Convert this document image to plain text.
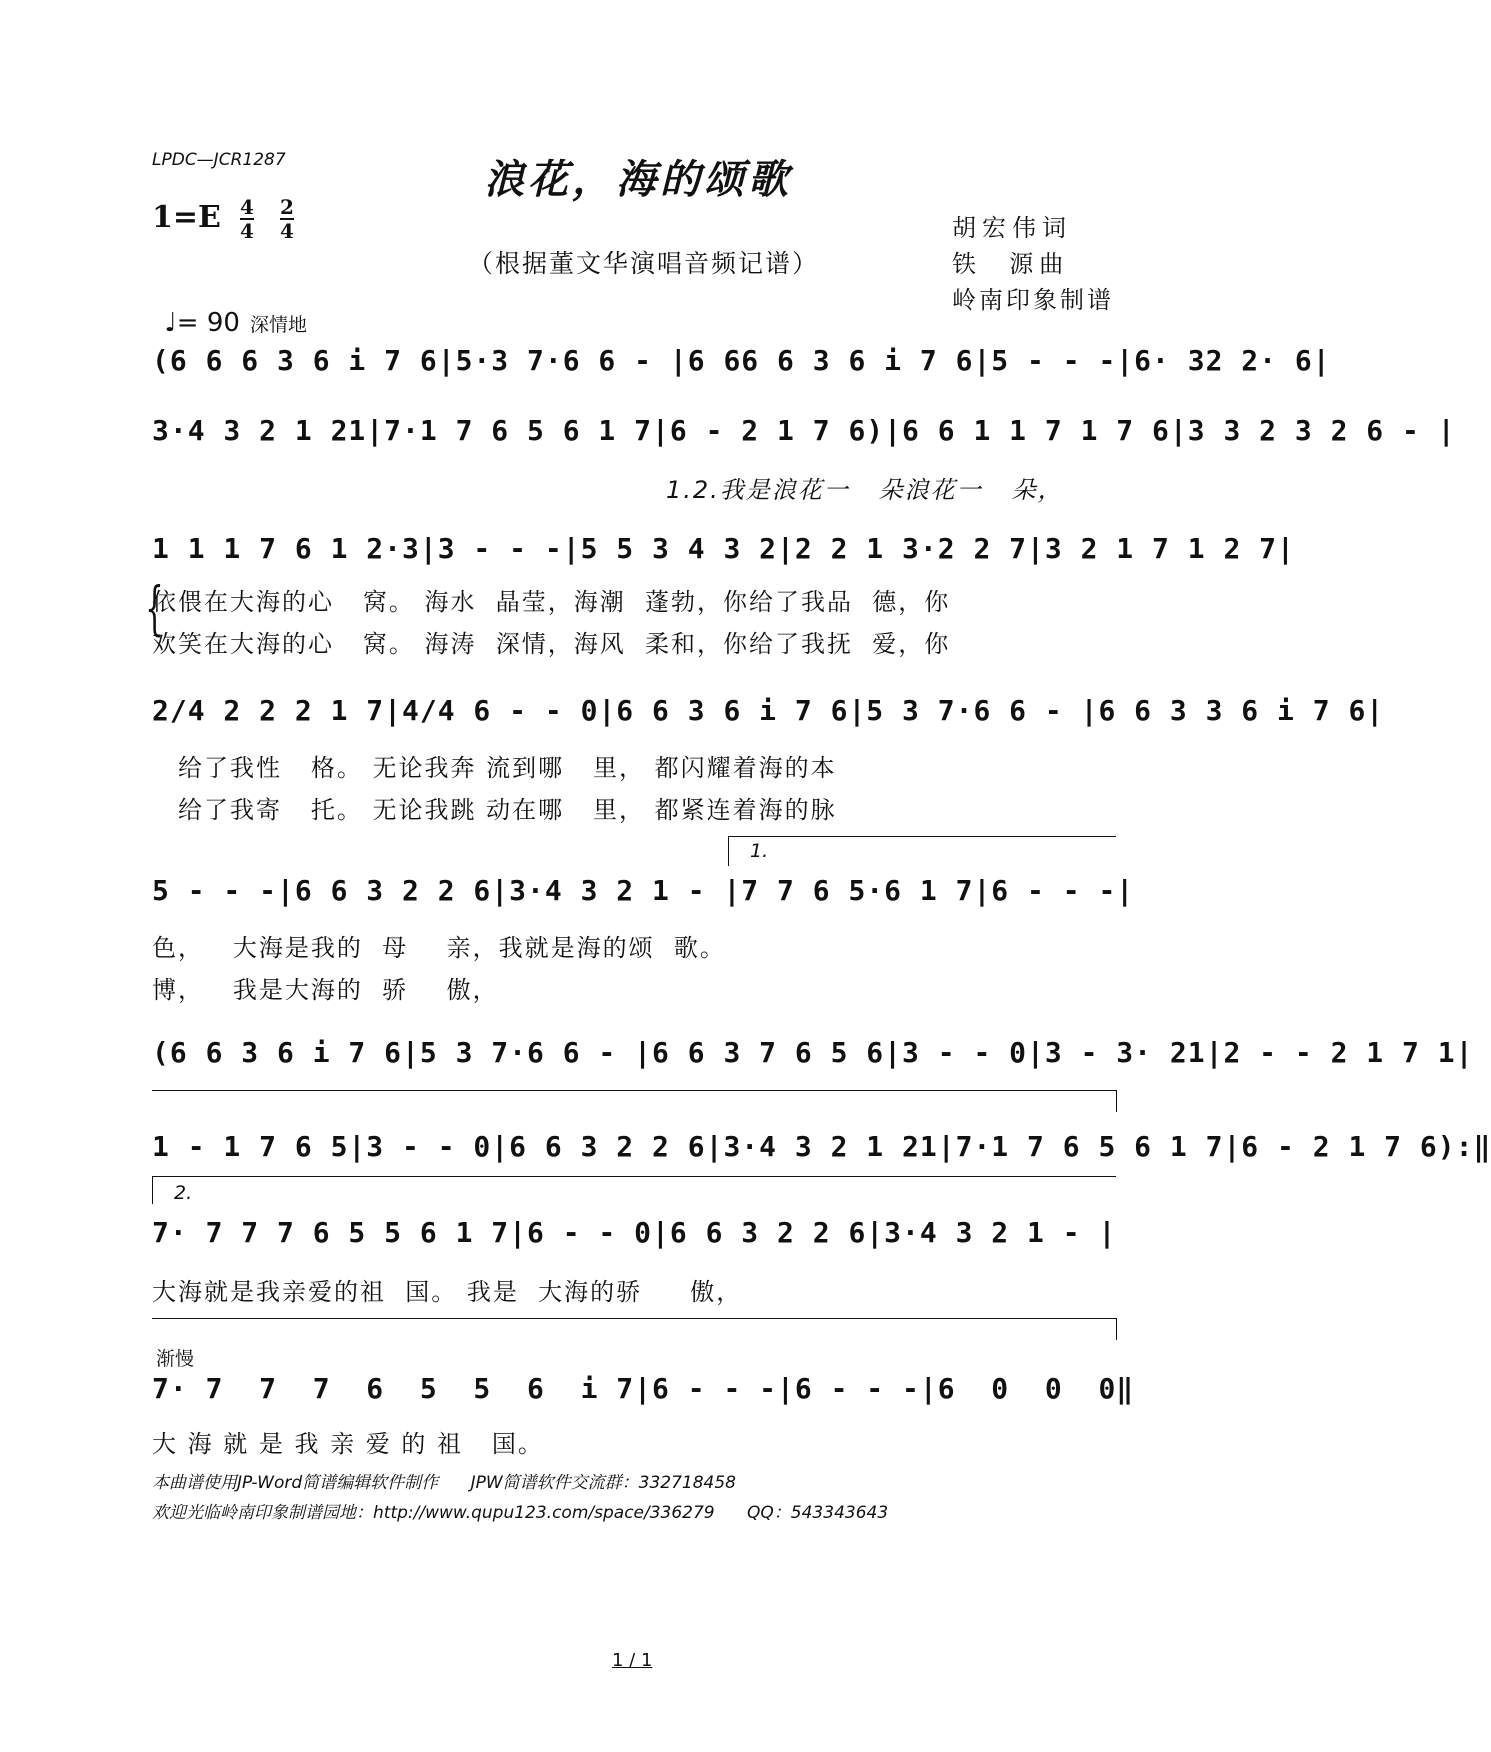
LPDC—JCR1287	浪花，海的颂歌
$1=E \frac{4}{4} \frac{2}{4}$
（根据董文华演唱音频记谱）
胡宏伟词
铁  源曲
岭南印象制谱

♩= 90 深情地

(6 6 6 3 6 i 7 6|5·3 7·6 6 - |6 66 6 3 6 i 7 6|5 - - -|6· 32 2· 6|
3·4 3 2 1 21|7·1 7 6 5 6 1 7|6 - 2 1 7 6)|6 6 1 1 7 1 7 6|3 3 2 3 2 6 - |
1.2.我是浪花一   朵浪花一   朵，
1 1 1 7 6 1 2·3|3 - - -|5 5 3 4 3 2|2 2 1 3·2 2 7|3 2 1 7 1 2 7|
{
依偎在大海的心   窝。 海水  晶莹，海潮  蓬勃，你给了我品  德，你
欢笑在大海的心   窝。 海涛  深情，海风  柔和，你给了我抚  爱，你
2/4 2 2 2 1 7|4/4 6 - - 0|6 6 3 6 i 7 6|5 3 7·6 6 - |6 6 3 3 6 i 7 6|
给了我性   格。 无论我奔 流到哪   里， 都闪耀着海的本
给了我寄   托。 无论我跳 动在哪   里， 都紧连着海的脉
1.
5 - - -|6 6 3 2 2 6|3·4 3 2 1 - |7 7 6 5·6 1 7|6 - - -|
色，   大海是我的  母    亲，我就是海的颂  歌。
博，   我是大海的  骄    傲，
(6 6 3 6 i 7 6|5 3 7·6 6 - |6 6 3 7 6 5 6|3 - - 0|3 - 3· 21|2 - - 2 1 7 1|
1 - 1 7 6 5|3 - - 0|6 6 3 2 2 6|3·4 3 2 1 21|7·1 7 6 5 6 1 7|6 - 2 1 7 6):‖
2.
7· 7 7 7 6 5 5 6 1 7|6 - - 0|6 6 3 2 2 6|3·4 3 2 1 - |
大海就是我亲爱的祖  国。 我是  大海的骄     傲，
渐慢
7· 7  7  7  6  5  5  6  i 7|6 - - -|6 - - -|6  0  0  0‖
大 海 就 是 我 亲 爱 的 祖   国。
本曲谱使用JP-Word简谱编辑软件制作      JPW简谱软件交流群：332718458
欢迎光临岭南印象制谱园地：http://www.qupu123.com/space/336279      QQ：543343643
1 / 1
